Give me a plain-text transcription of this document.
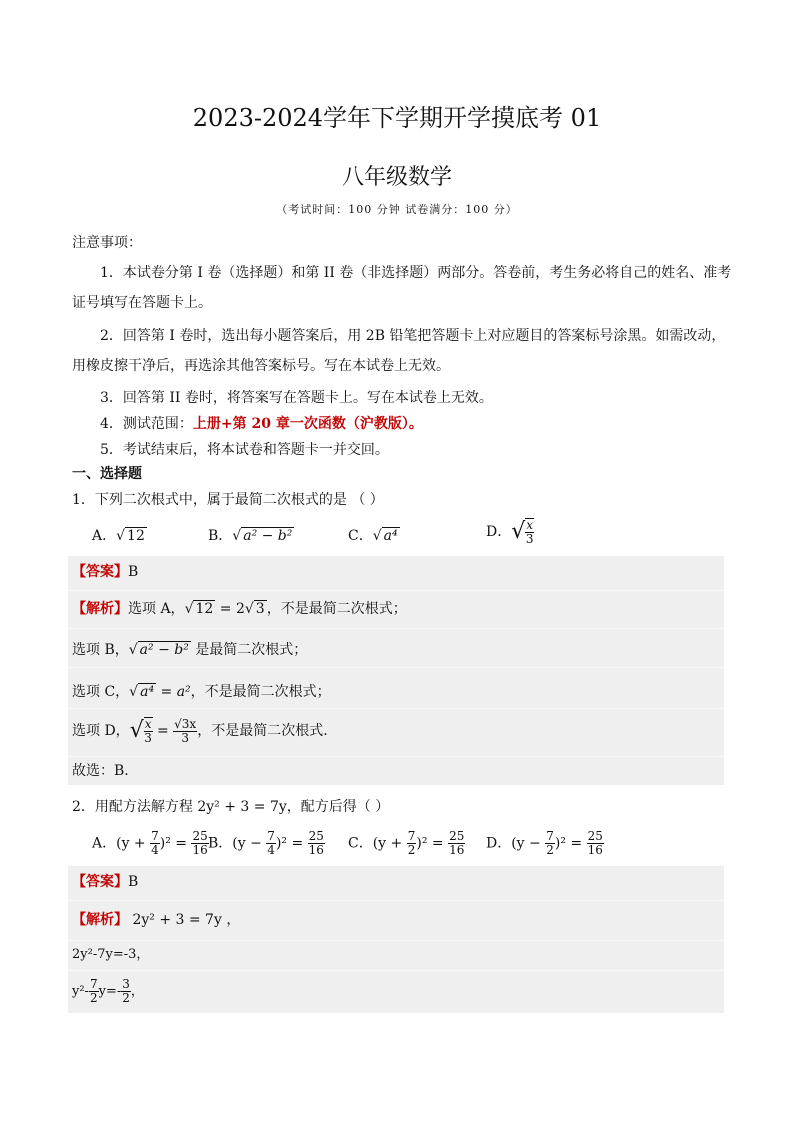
2023-2024学年下学期开学摸底考 01
八年级数学
（考试时间：100 分钟 试卷满分：100 分）
注意事项：
1．本试卷分第 I 卷（选择题）和第 II 卷（非选择题）两部分。答卷前，考生务必将自己的姓名、准考
证号填写在答题卡上。
2．回答第 I 卷时，选出每小题答案后，用 2B 铅笔把答题卡上对应题目的答案标号涂黑。如需改动，
用橡皮擦干净后，再选涂其他答案标号。写在本试卷上无效。
3．回答第 II 卷时，将答案写在答题卡上。写在本试卷上无效。
4．测试范围：上册+第 20 章一次函数（沪教版）。
5．考试结束后，将本试卷和答题卡一并交回。
一、选择题
1．下列二次根式中，属于最简二次根式的是 （ ）
A．√ 12	B．√ a² − b²	C．√ a⁴	D．√ $\frac{x}{3}$
【答案】B
【解析】选项 A，√ 12 = 2√ 3 ，不是最简二次根式；
选项 B，√ a² − b² 是最简二次根式；
选项 C，√ a⁴ = a²，不是最简二次根式；
选项 D，√ $\frac{x}{3} = \frac{√3x}{3}$ ，不是最简二次根式.
故选：B.
2．用配方法解方程 2y² + 3 = 7y，配方后得（ ）
A．$(y + \frac{7}{4} )^2 = \frac{25}{16}$ B．$(y - \frac{7}{4} )^2 = \frac{25}{16}$ C．$(y + \frac{7}{2} )^2 = \frac{25}{16}$ D．$(y - \frac{7}{2} )^2 = \frac{25}{16}$
【答案】B
【解析】 2y² + 3 = 7y ，
2y²-7y=-3，
$y^2- \frac{7}{2} y=- \frac{3}{2}$ ，
